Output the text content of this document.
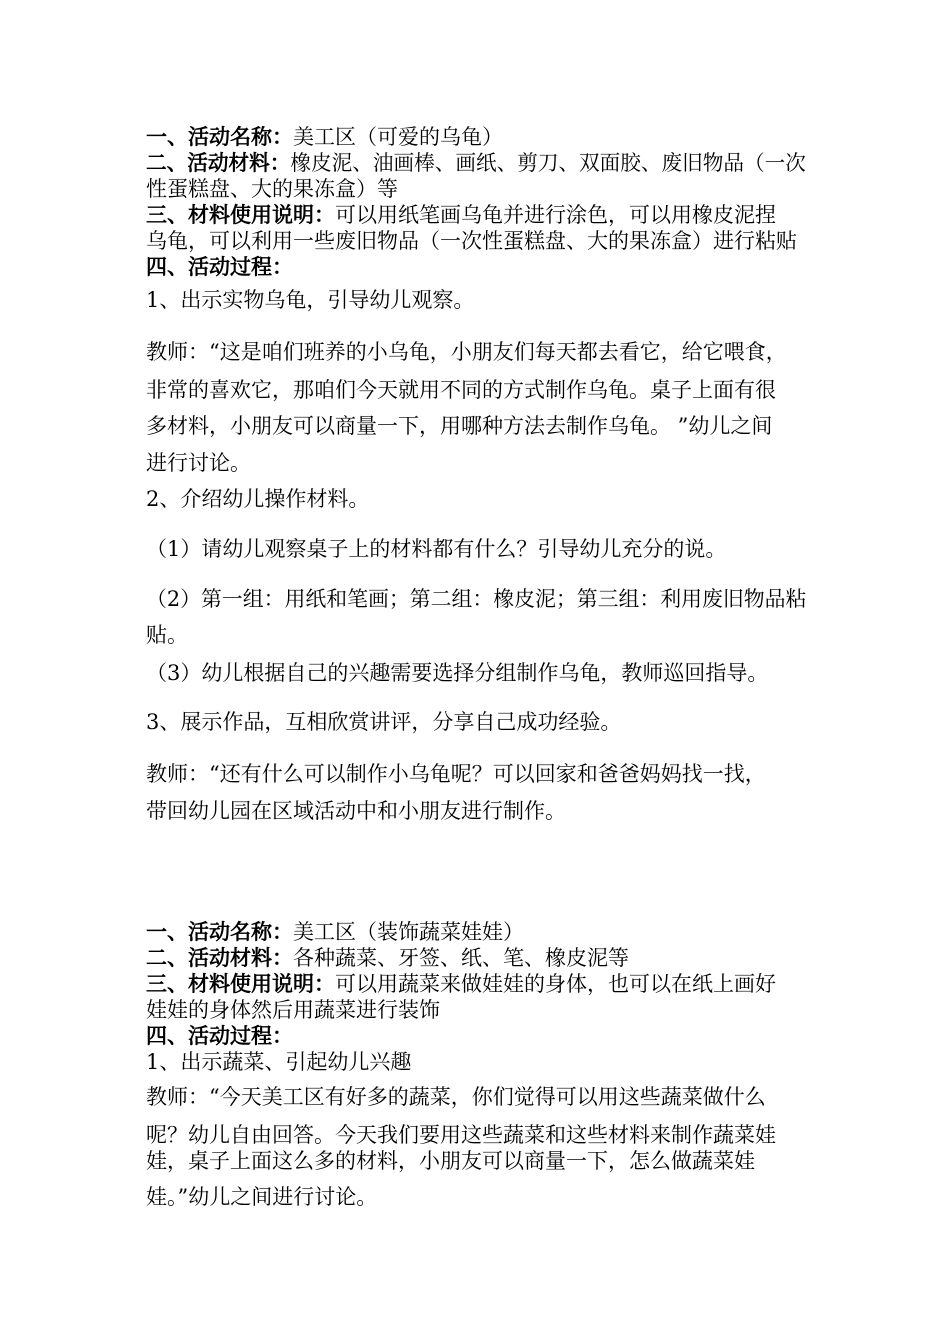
一、活动名称：美工区（可爱的乌龟）
二、活动材料：橡皮泥、油画棒、画纸、剪刀、双面胶、废旧物品（一次
性蛋糕盘、大的果冻盒）等
三、材料使用说明：可以用纸笔画乌龟并进行涂色，可以用橡皮泥捏
乌龟，可以利用一些废旧物品（一次性蛋糕盘、大的果冻盒）进行粘贴
四、活动过程：
1、出示实物乌龟，引导幼儿观察。
教师：“这是咱们班养的小乌龟，小朋友们每天都去看它，给它喂食，
非常的喜欢它，那咱们今天就用不同的方式制作乌龟。桌子上面有很
多材料，小朋友可以商量一下，用哪种方法去制作乌龟。 ”幼儿之间
进行讨论。
2、介绍幼儿操作材料。
（1）请幼儿观察桌子上的材料都有什么？引导幼儿充分的说。
（2）第一组：用纸和笔画；第二组：橡皮泥；第三组：利用废旧物品粘
贴。
（3）幼儿根据自己的兴趣需要选择分组制作乌龟，教师巡回指导。
3、展示作品，互相欣赏讲评，分享自己成功经验。
教师：“还有什么可以制作小乌龟呢？可以回家和爸爸妈妈找一找，
带回幼儿园在区域活动中和小朋友进行制作。
一、活动名称：美工区（装饰蔬菜娃娃）
二、活动材料：各种蔬菜、牙签、纸、笔、橡皮泥等
三、材料使用说明：可以用蔬菜来做娃娃的身体，也可以在纸上画好
娃娃的身体然后用蔬菜进行装饰
四、活动过程：
1、出示蔬菜、引起幼儿兴趣
教师：“今天美工区有好多的蔬菜，你们觉得可以用这些蔬菜做什么
呢？幼儿自由回答。今天我们要用这些蔬菜和这些材料来制作蔬菜娃
娃，桌子上面这么多的材料，小朋友可以商量一下，怎么做蔬菜娃
娃。”幼儿之间进行讨论。
